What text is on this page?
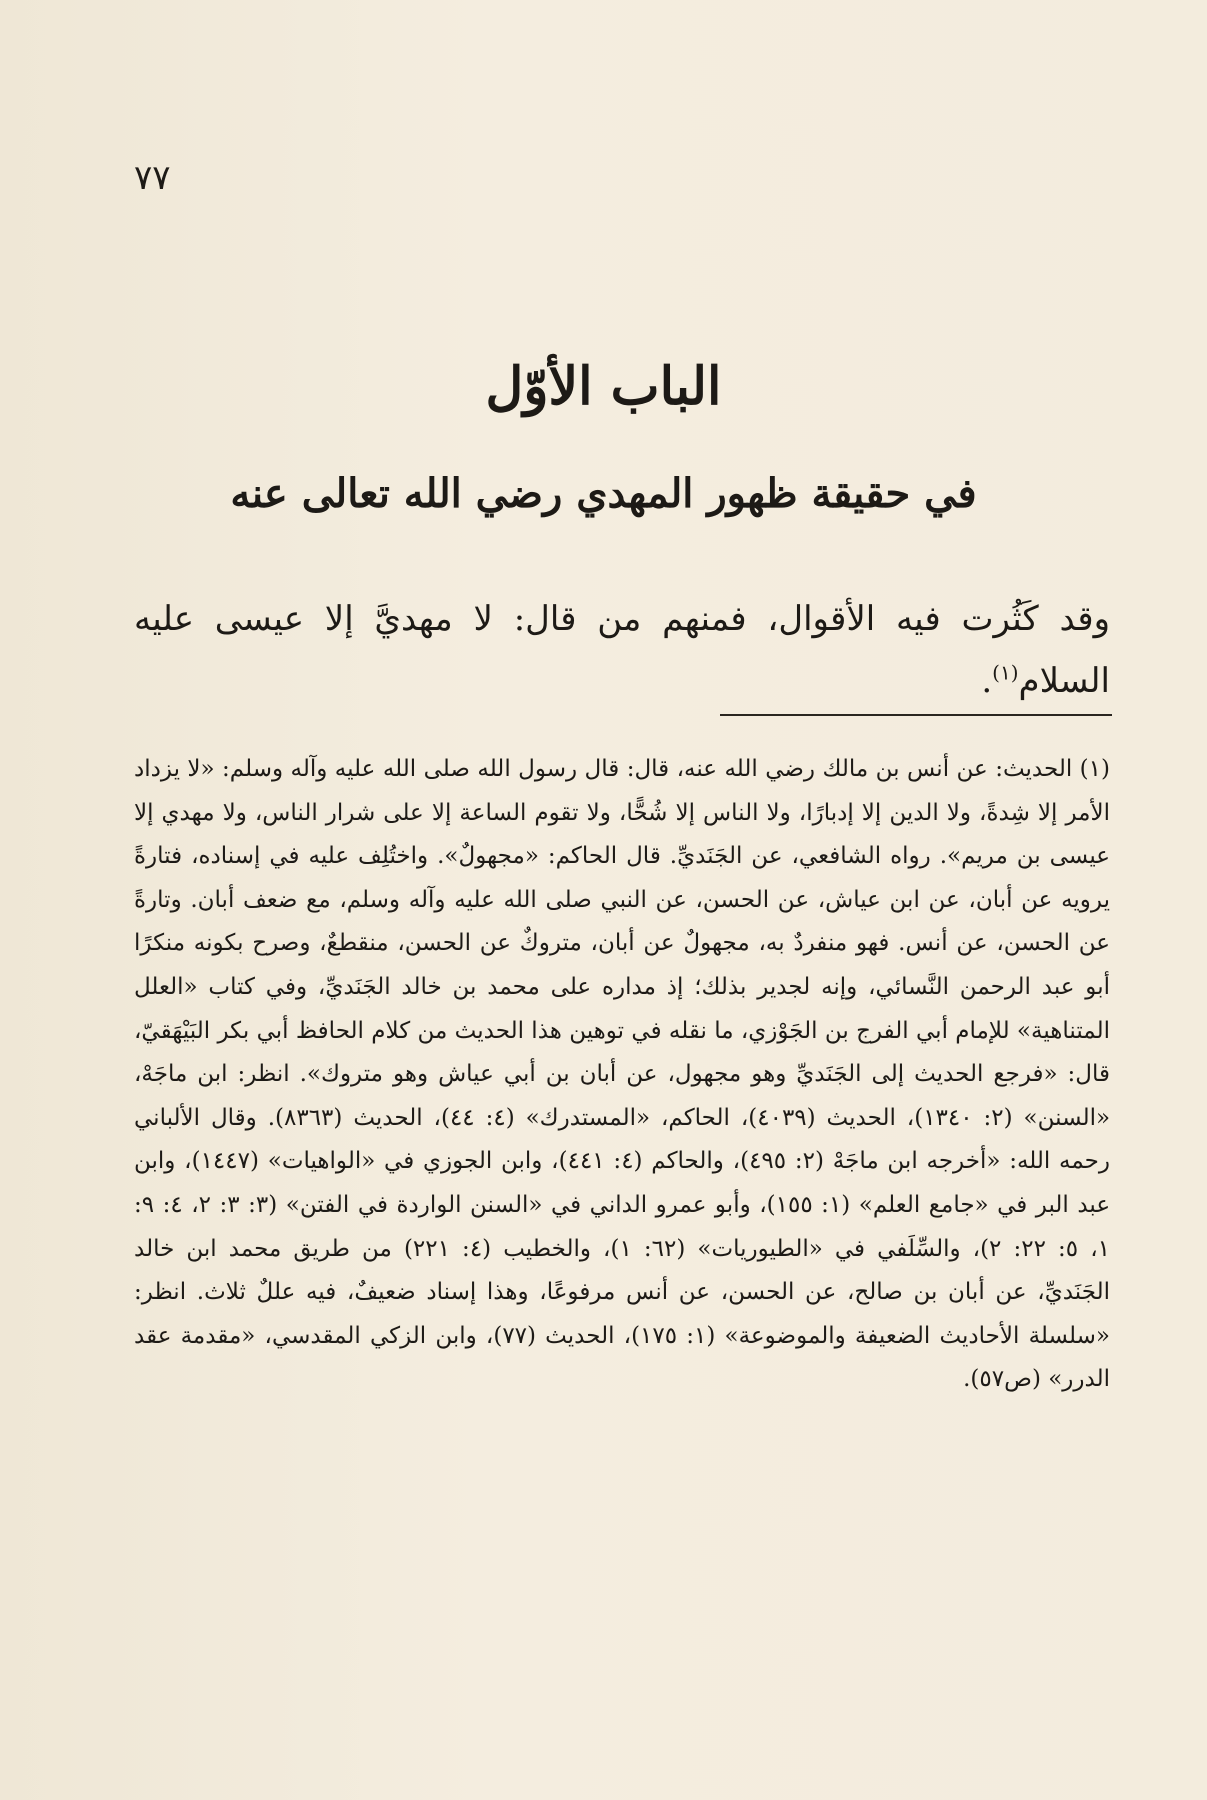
٧٧
الباب الأوّل
في حقيقة ظهور المهدي رضي الله تعالى عنه
وقد كَثُرت فيه الأقوال، فمنهم من قال: لا مهديَّ إلا عيسى عليه السلام$^{(١)}$.
(١) الحديث: عن أنس بن مالك رضي الله عنه، قال: قال رسول الله صلى الله عليه وآله وسلم: «لا يزداد الأمر إلا شِدةً، ولا الدين إلا إدبارًا، ولا الناس إلا شُحًّا، ولا تقوم الساعة إلا على شرار الناس، ولا مهدي إلا عيسى بن مريم». رواه الشافعي، عن الجَنَديِّ. قال الحاكم: «مجهولٌ». واختُلِف عليه في إسناده، فتارةً يرويه عن أبان، عن ابن عياش، عن الحسن، عن النبي صلى الله عليه وآله وسلم، مع ضعف أبان. وتارةً عن الحسن، عن أنس. فهو منفردٌ به، مجهولٌ عن أبان، متروكٌ عن الحسن، منقطعٌ، وصرح بكونه منكرًا أبو عبد الرحمن النَّسائي، وإنه لجدير بذلك؛ إذ مداره على محمد بن خالد الجَنَديِّ، وفي كتاب «العلل المتناهية» للإمام أبي الفرج بن الجَوْزي، ما نقله في توهين هذا الحديث من كلام الحافظ أبي بكر البَيْهَقيّ، قال: «فرجع الحديث إلى الجَنَديِّ وهو مجهول، عن أبان بن أبي عياش وهو متروك». انظر: ابن ماجَهْ، «السنن» (٢: ١٣٤٠)، الحديث (٤٠٣٩)، الحاكم، «المستدرك» (٤: ٤٤)، الحديث (٨٣٦٣). وقال الألباني رحمه الله: «أخرجه ابن ماجَهْ (٢: ٤٩٥)، والحاكم (٤: ٤٤١)، وابن الجوزي في «الواهيات» (١٤٤٧)، وابن عبد البر في «جامع العلم» (١: ١٥٥)، وأبو عمرو الداني في «السنن الواردة في الفتن» (٣: ٣: ٢، ٤: ٩: ١، ٥: ٢٢: ٢)، والسِّلَفي في «الطيوريات» (٦٢: ١)، والخطيب (٤: ٢٢١) من طريق محمد ابن خالد الجَنَديِّ، عن أبان بن صالح، عن الحسن، عن أنس مرفوعًا، وهذا إسناد ضعيفٌ، فيه عللٌ ثلاث. انظر: «سلسلة الأحاديث الضعيفة والموضوعة» (١: ١٧٥)، الحديث (٧٧)، وابن الزكي المقدسي، «مقدمة عقد الدرر» (ص٥٧).
